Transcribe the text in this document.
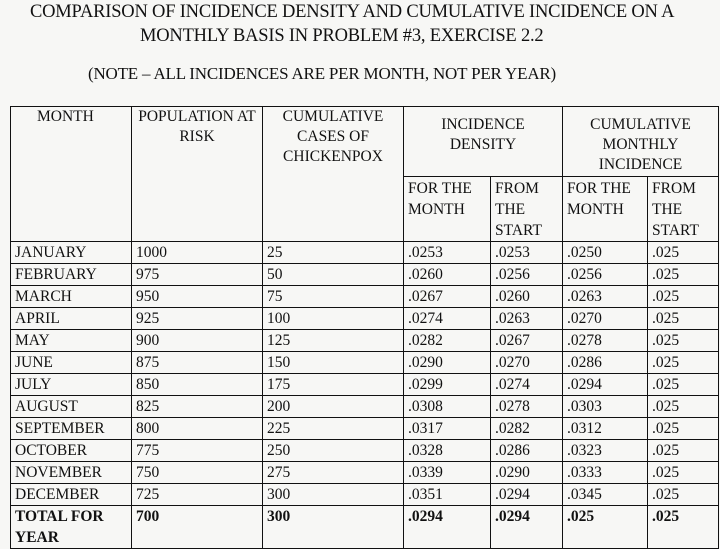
COMPARISON OF INCIDENCE DENSITY AND CUMULATIVE INCIDENCE ON A
MONTHLY BASIS IN PROBLEM #3, EXERCISE 2.2
(NOTE – ALL INCIDENCES ARE PER MONTH, NOT PER YEAR)
MONTH	POPULATION AT RISK	CUMULATIVE CASES OF CHICKENPOX	INCIDENCE DENSITY		CUMULATIVE MONTHLY INCIDENCE	
			FOR THE MONTH	FROM THE START	FOR THE MONTH	FROM THE START
JANUARY	1000	25	.0253	.0253	.0250	.025
FEBRUARY	975	50	.0260	.0256	.0256	.025
MARCH	950	75	.0267	.0260	.0263	.025
APRIL	925	100	.0274	.0263	.0270	.025
MAY	900	125	.0282	.0267	.0278	.025
JUNE	875	150	.0290	.0270	.0286	.025
JULY	850	175	.0299	.0274	.0294	.025
AUGUST	825	200	.0308	.0278	.0303	.025
SEPTEMBER	800	225	.0317	.0282	.0312	.025
OCTOBER	775	250	.0328	.0286	.0323	.025
NOVEMBER	750	275	.0339	.0290	.0333	.025
DECEMBER	725	300	.0351	.0294	.0345	.025
TOTAL FOR YEAR	700	300	.0294	.0294	.025	.025
